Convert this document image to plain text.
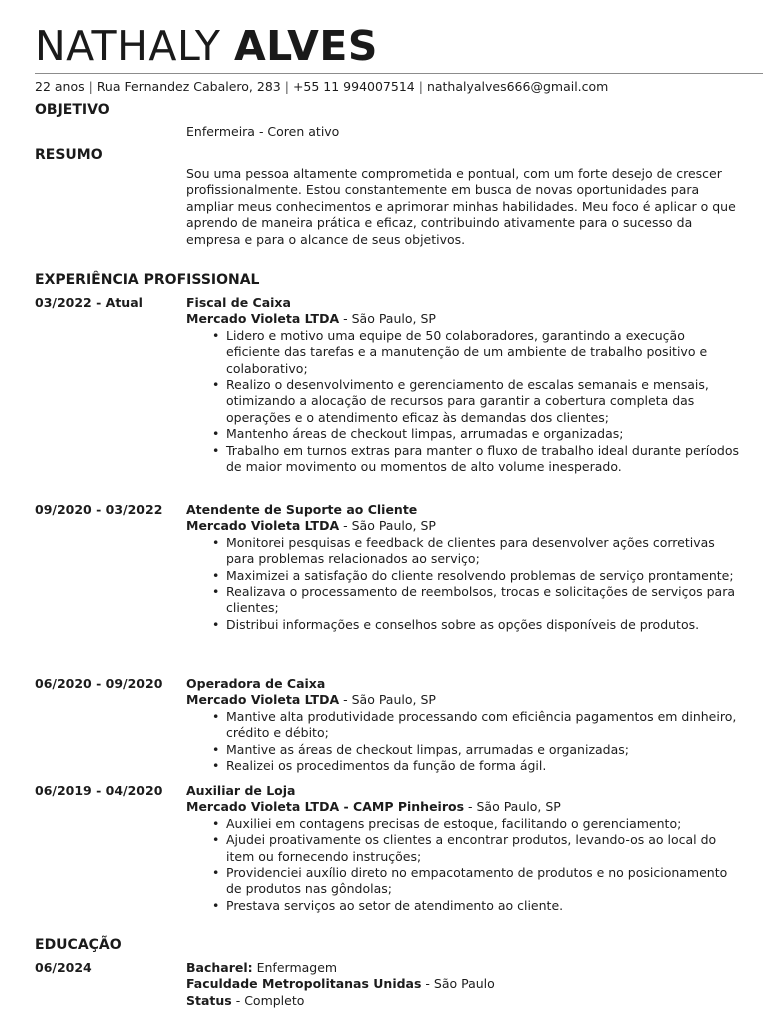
NATHALY ALVES
22 anos | Rua Fernandez Cabalero, 283 | +55 11 994007514 | nathalyalves666@gmail.com
OBJETIVO
Enfermeira - Coren ativo
RESUMO

Sou uma pessoa altamente comprometida e pontual, com um forte desejo de crescer profissionalmente. Estou constantemente em busca de novas oportunidades para ampliar meus conhecimentos e aprimorar minhas habilidades. Meu foco é aplicar o que aprendo de maneira prática e eficaz, contribuindo ativamente para o sucesso da empresa e para o alcance de seus objetivos.

EXPERIÊNCIA PROFISSIONAL
03/2022 - Atual	Fiscal de Caixa
Mercado Violeta LTDA - São Paulo, SP
• Lidero e motivo uma equipe de 50 colaboradores, garantindo a execução eficiente das tarefas e a manutenção de um ambiente de trabalho positivo e colaborativo;
• Realizo o desenvolvimento e gerenciamento de escalas semanais e mensais, otimizando a alocação de recursos para garantir a cobertura completa das operações e o atendimento eficaz às demandas dos clientes;
• Mantenho áreas de checkout limpas, arrumadas e organizadas;
• Trabalho em turnos extras para manter o fluxo de trabalho ideal durante períodos de maior movimento ou momentos de alto volume inesperado.
09/2020 - 03/2022 Atendente de Suporte ao Cliente
Mercado Violeta LTDA - São Paulo, SP
• Monitorei pesquisas e feedback de clientes para desenvolver ações corretivas para problemas relacionados ao serviço;
• Maximizei a satisfação do cliente resolvendo problemas de serviço prontamente;
• Realizava o processamento de reembolsos, trocas e solicitações de serviços para clientes;
• Distribui informações e conselhos sobre as opções disponíveis de produtos.
06/2020 - 09/2020 Operadora de Caixa
Mercado Violeta LTDA - São Paulo, SP
• Mantive alta produtividade processando com eficiência pagamentos em dinheiro, crédito e débito;
• Mantive as áreas de checkout limpas, arrumadas e organizadas;
• Realizei os procedimentos da função de forma ágil.
06/2019 - 04/2020 Auxiliar de Loja
Mercado Violeta LTDA - CAMP Pinheiros - São Paulo, SP
• Auxiliei em contagens precisas de estoque, facilitando o gerenciamento;
• Ajudei proativamente os clientes a encontrar produtos, levando-os ao local do item ou fornecendo instruções;
• Providenciei auxílio direto no empacotamento de produtos e no posicionamento de produtos nas gôndolas;
• Prestava serviços ao setor de atendimento ao cliente.
EDUCAÇÃO
06/2024	Bacharel: Enfermagem
Faculdade Metropolitanas Unidas - São Paulo
Status - Completo
